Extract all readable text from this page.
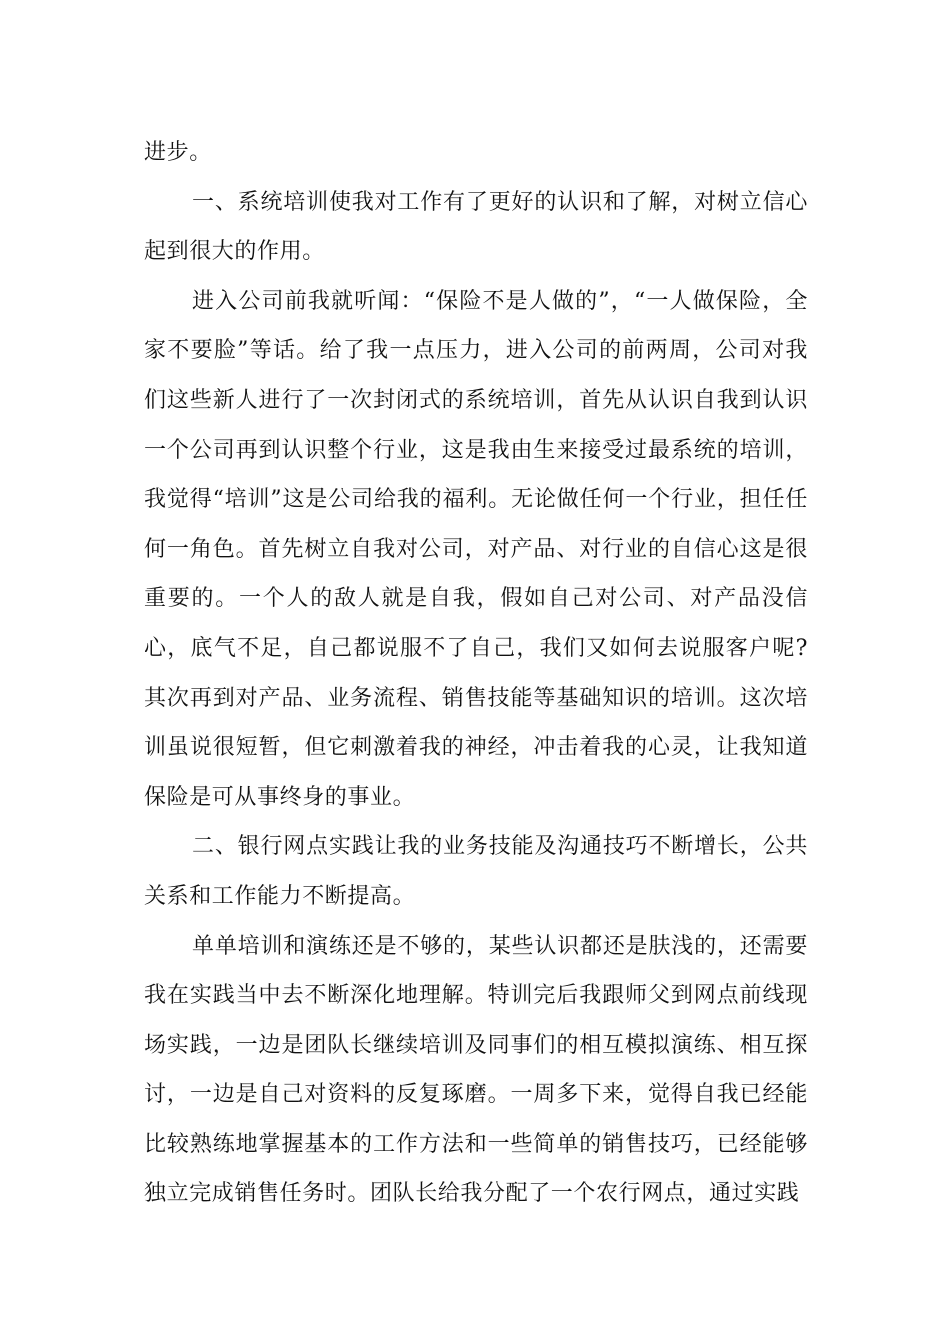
进步。

一、系统培训使我对工作有了更好的认识和了解，对树立信心起到很大的作用。

进入公司前我就听闻：“保险不是人做的”，“一人做保险，全家不要脸”等话。给了我一点压力，进入公司的前两周，公司对我们这些新人进行了一次封闭式的系统培训，首先从认识自我到认识一个公司再到认识整个行业，这是我由生来接受过最系统的培训，我觉得“培训”这是公司给我的福利。无论做任何一个行业，担任任何一角色。首先树立自我对公司，对产品、对行业的自信心这是很重要的。一个人的敌人就是自我，假如自己对公司、对产品没信心，底气不足，自己都说服不了自己，我们又如何去说服客户呢?其次再到对产品、业务流程、销售技能等基础知识的培训。这次培训虽说很短暂，但它刺激着我的神经，冲击着我的心灵，让我知道保险是可从事终身的事业。

二、银行网点实践让我的业务技能及沟通技巧不断增长，公共关系和工作能力不断提高。

单单培训和演练还是不够的，某些认识都还是肤浅的，还需要我在实践当中去不断深化地理解。特训完后我跟师父到网点前线现场实践，一边是团队长继续培训及同事们的相互模拟演练、相互探讨，一边是自己对资料的反复琢磨。一周多下来，觉得自我已经能比较熟练地掌握基本的工作方法和一些简单的销售技巧，已经能够独立完成销售任务时。团队长给我分配了一个农行网点，通过实践
